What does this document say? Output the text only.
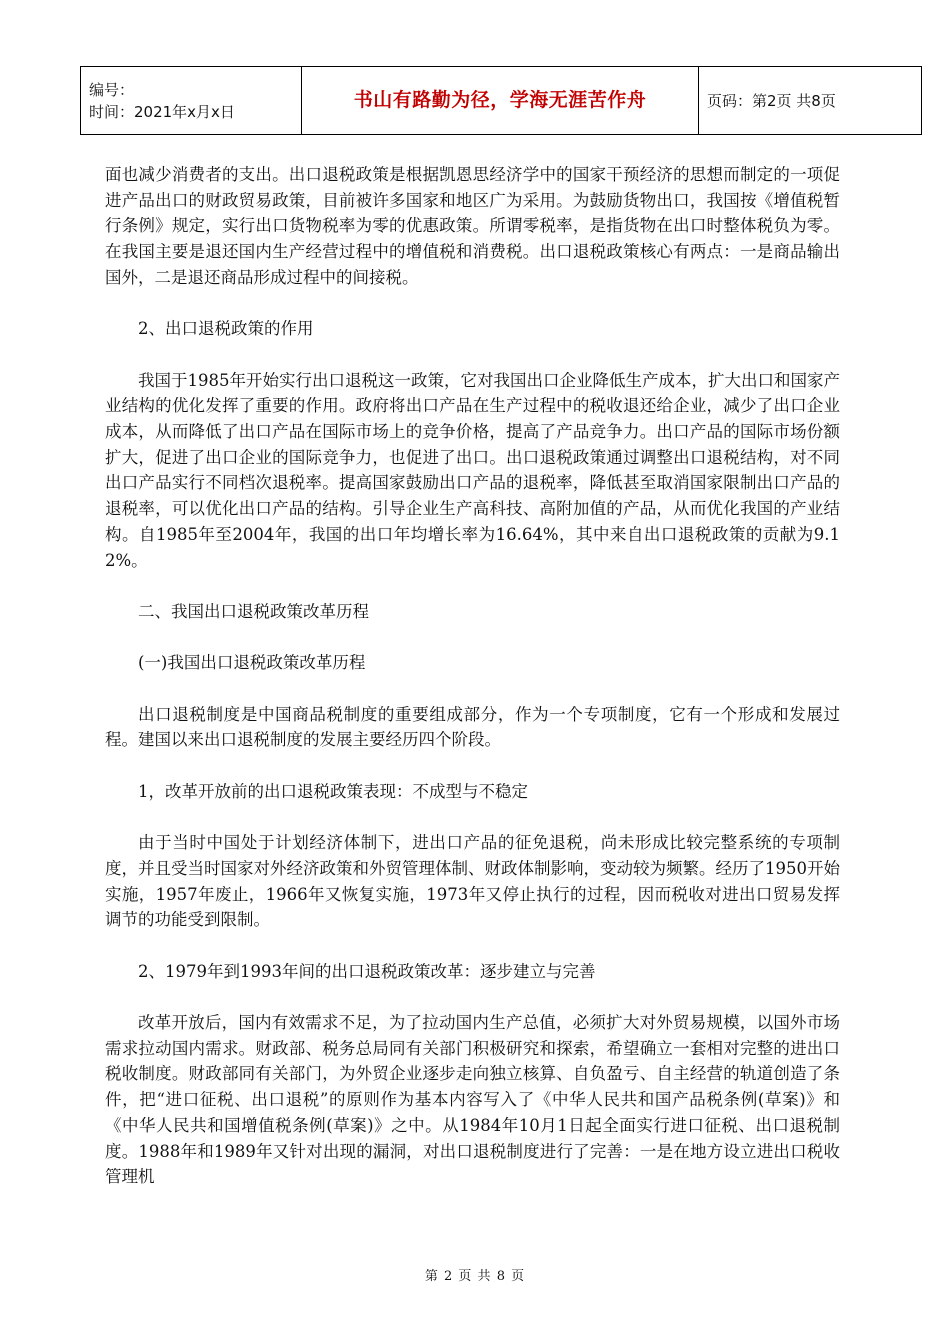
编号：
时间：2021年x月x日
	书山有路勤为径，学海无涯苦作舟	页码：第2页 共8页

面也减少消费者的支出。出口退税政策是根据凯恩思经济学中的国家干预经济的思想而制定的一项促进产品出口的财政贸易政策，目前被许多国家和地区广为采用。为鼓励货物出口，我国按《增值税暂行条例》规定，实行出口货物税率为零的优惠政策。所谓零税率，是指货物在出口时整体税负为零。在我国主要是退还国内生产经营过程中的增值税和消费税。出口退税政策核心有两点：一是商品输出国外，二是退还商品形成过程中的间接税。

2、出口退税政策的作用

我国于1985年开始实行出口退税这一政策，它对我国出口企业降低生产成本，扩大出口和国家产业结构的优化发挥了重要的作用。政府将出口产品在生产过程中的税收退还给企业，减少了出口企业成本，从而降低了出口产品在国际市场上的竞争价格，提高了产品竞争力。出口产品的国际市场份额扩大，促进了出口企业的国际竞争力，也促进了出口。出口退税政策通过调整出口退税结构，对不同出口产品实行不同档次退税率。提高国家鼓励出口产品的退税率，降低甚至取消国家限制出口产品的退税率，可以优化出口产品的结构。引导企业生产高科技、高附加值的产品，从而优化我国的产业结构。自1985年至2004年，我国的出口年均增长率为16.64%，其中来自出口退税政策的贡献为9.12%。

二、我国出口退税政策改革历程

(一)我国出口退税政策改革历程

出口退税制度是中国商品税制度的重要组成部分，作为一个专项制度，它有一个形成和发展过程。建国以来出口退税制度的发展主要经历四个阶段。

1，改革开放前的出口退税政策表现：不成型与不稳定

由于当时中国处于计划经济体制下，进出口产品的征免退税，尚未形成比较完整系统的专项制度，并且受当时国家对外经济政策和外贸管理体制、财政体制影响，变动较为频繁。经历了1950开始实施，1957年废止，1966年又恢复实施，1973年又停止执行的过程，因而税收对进出口贸易发挥调节的功能受到限制。

2、1979年到1993年间的出口退税政策改革：逐步建立与完善

改革开放后，国内有效需求不足，为了拉动国内生产总值，必须扩大对外贸易规模，以国外市场需求拉动国内需求。财政部、税务总局同有关部门积极研究和探索，希望确立一套相对完整的进出口税收制度。财政部同有关部门，为外贸企业逐步走向独立核算、自负盈亏、自主经营的轨道创造了条件，把“进口征税、出口退税”的原则作为基本内容写入了《中华人民共和国产品税条例(草案)》和《中华人民共和国增值税条例(草案)》之中。从1984年10月1日起全面实行进口征税、出口退税制度。1988年和1989年又针对出现的漏洞，对出口退税制度进行了完善：一是在地方设立进出口税收管理机

第 2 页 共 8 页
